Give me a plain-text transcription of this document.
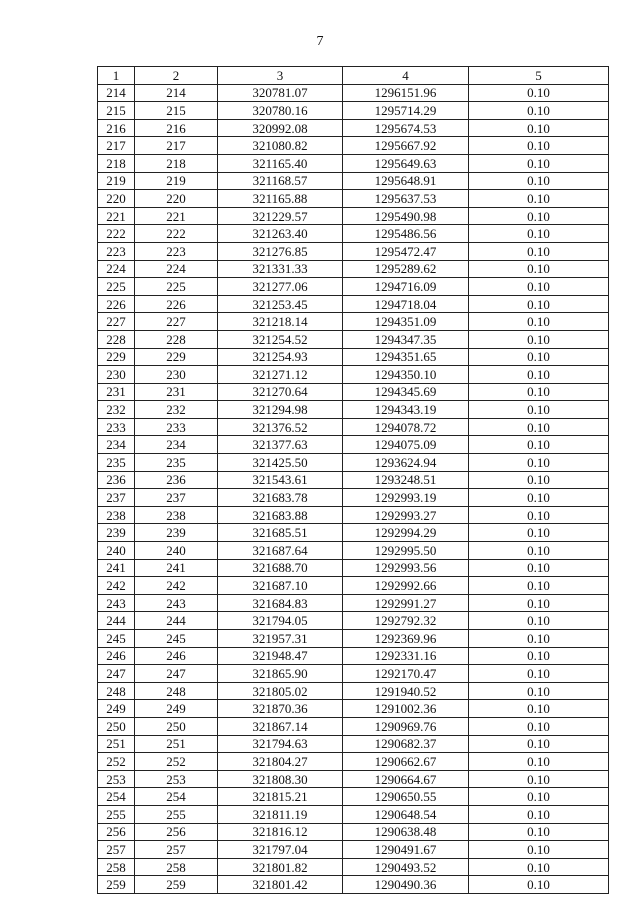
7
1	2	3	4	5
214	214	320781.07	1296151.96	0.10
215	215	320780.16	1295714.29	0.10
216	216	320992.08	1295674.53	0.10
217	217	321080.82	1295667.92	0.10
218	218	321165.40	1295649.63	0.10
219	219	321168.57	1295648.91	0.10
220	220	321165.88	1295637.53	0.10
221	221	321229.57	1295490.98	0.10
222	222	321263.40	1295486.56	0.10
223	223	321276.85	1295472.47	0.10
224	224	321331.33	1295289.62	0.10
225	225	321277.06	1294716.09	0.10
226	226	321253.45	1294718.04	0.10
227	227	321218.14	1294351.09	0.10
228	228	321254.52	1294347.35	0.10
229	229	321254.93	1294351.65	0.10
230	230	321271.12	1294350.10	0.10
231	231	321270.64	1294345.69	0.10
232	232	321294.98	1294343.19	0.10
233	233	321376.52	1294078.72	0.10
234	234	321377.63	1294075.09	0.10
235	235	321425.50	1293624.94	0.10
236	236	321543.61	1293248.51	0.10
237	237	321683.78	1292993.19	0.10
238	238	321683.88	1292993.27	0.10
239	239	321685.51	1292994.29	0.10
240	240	321687.64	1292995.50	0.10
241	241	321688.70	1292993.56	0.10
242	242	321687.10	1292992.66	0.10
243	243	321684.83	1292991.27	0.10
244	244	321794.05	1292792.32	0.10
245	245	321957.31	1292369.96	0.10
246	246	321948.47	1292331.16	0.10
247	247	321865.90	1292170.47	0.10
248	248	321805.02	1291940.52	0.10
249	249	321870.36	1291002.36	0.10
250	250	321867.14	1290969.76	0.10
251	251	321794.63	1290682.37	0.10
252	252	321804.27	1290662.67	0.10
253	253	321808.30	1290664.67	0.10
254	254	321815.21	1290650.55	0.10
255	255	321811.19	1290648.54	0.10
256	256	321816.12	1290638.48	0.10
257	257	321797.04	1290491.67	0.10
258	258	321801.82	1290493.52	0.10
259	259	321801.42	1290490.36	0.10
